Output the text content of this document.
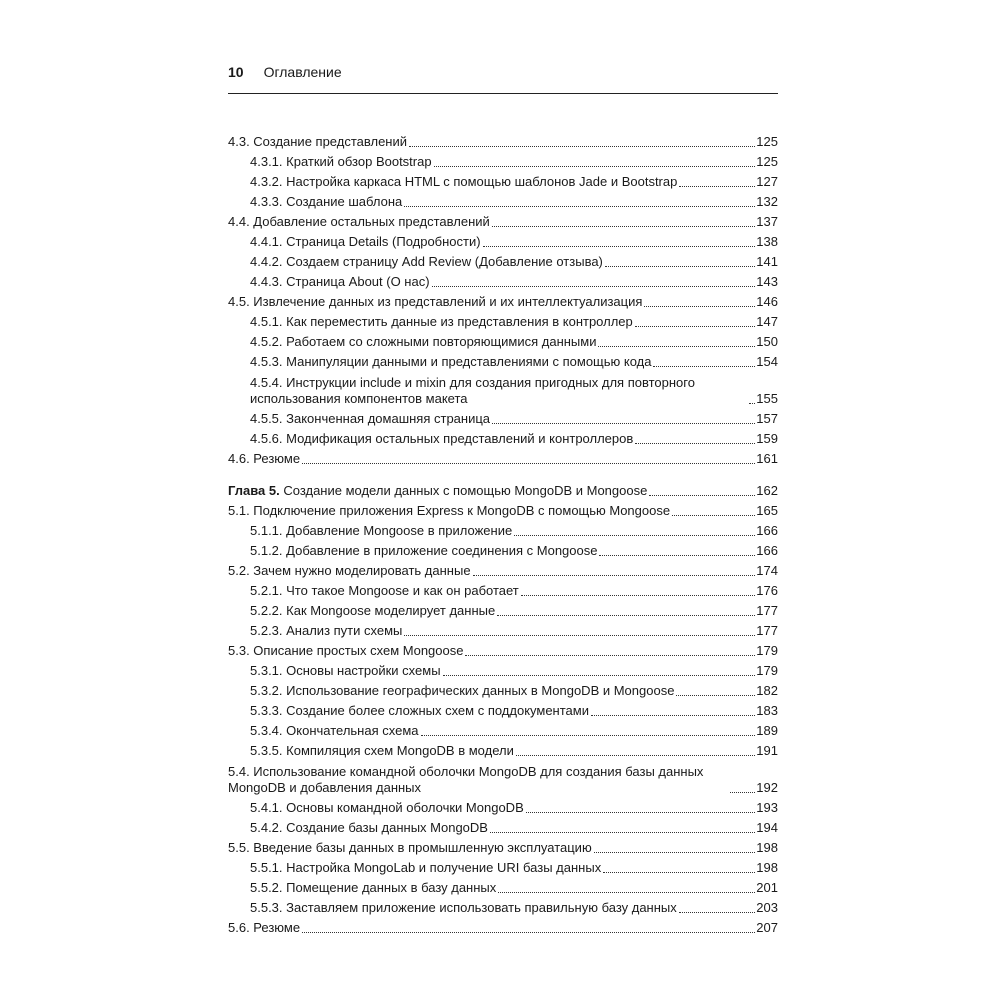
10 Оглавление
4.3. Создание представлений	125
4.3.1. Краткий обзор Bootstrap	125
4.3.2. Настройка каркаса HTML с помощью шаблонов Jade и Bootstrap	127
4.3.3. Создание шаблона	132
4.4. Добавление остальных представлений	137
4.4.1. Страница Details (Подробности)	138
4.4.2. Создаем страницу Add Review (Добавление отзыва)	141
4.4.3. Страница About (О нас)	143
4.5. Извлечение данных из представлений и их интеллектуализация	146
4.5.1. Как переместить данные из представления в контроллер	147
4.5.2. Работаем со сложными повторяющимися данными	150
4.5.3. Манипуляции данными и представлениями с помощью кода	154
4.5.4. Инструкции include и mixin для создания пригодных для повторного использования компонентов макета	155
4.5.5. Законченная домашняя страница	157
4.5.6. Модификация остальных представлений и контроллеров	159
4.6. Резюме	161
Глава 5. Создание модели данных с помощью MongoDB и Mongoose	162
5.1. Подключение приложения Express к MongoDB с помощью Mongoose	165
5.1.1. Добавление Mongoose в приложение	166
5.1.2. Добавление в приложение соединения с Mongoose	166
5.2. Зачем нужно моделировать данные	174
5.2.1. Что такое Mongoose и как он работает	176
5.2.2. Как Mongoose моделирует данные	177
5.2.3. Анализ пути схемы	177
5.3. Описание простых схем Mongoose	179
5.3.1. Основы настройки схемы	179
5.3.2. Использование географических данных в MongoDB и Mongoose	182
5.3.3. Создание более сложных схем с поддокументами	183
5.3.4. Окончательная схема	189
5.3.5. Компиляция схем MongoDB в модели	191
5.4. Использование командной оболочки MongoDB для создания базы данных MongoDB и добавления данных	192
5.4.1. Основы командной оболочки MongoDB	193
5.4.2. Создание базы данных MongoDB	194
5.5. Введение базы данных в промышленную эксплуатацию	198
5.5.1. Настройка MongoLab и получение URI базы данных	198
5.5.2. Помещение данных в базу данных	201
5.5.3. Заставляем приложение использовать правильную базу данных	203
5.6. Резюме	207
